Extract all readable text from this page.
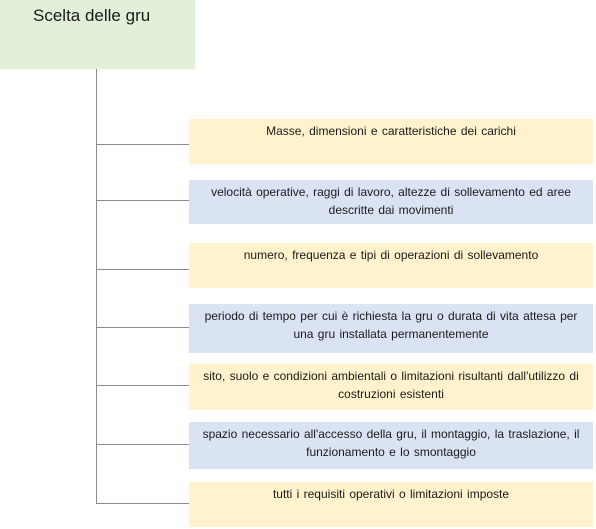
Scelta delle gru
Masse, dimensioni e caratteristiche dei carichi
velocità operative, raggi di lavoro, altezze di sollevamento ed aree descritte dai movimenti
numero, frequenza e tipi di operazioni di sollevamento
periodo di tempo per cui è richiesta la gru o durata di vita attesa per una gru installata permanentemente
sito, suolo e condizioni ambientali o limitazioni risultanti dall'utilizzo di costruzioni esistenti
spazio necessario all'accesso della gru, il montaggio, la traslazione, il funzionamento e lo smontaggio
tutti i requisiti operativi o limitazioni imposte
